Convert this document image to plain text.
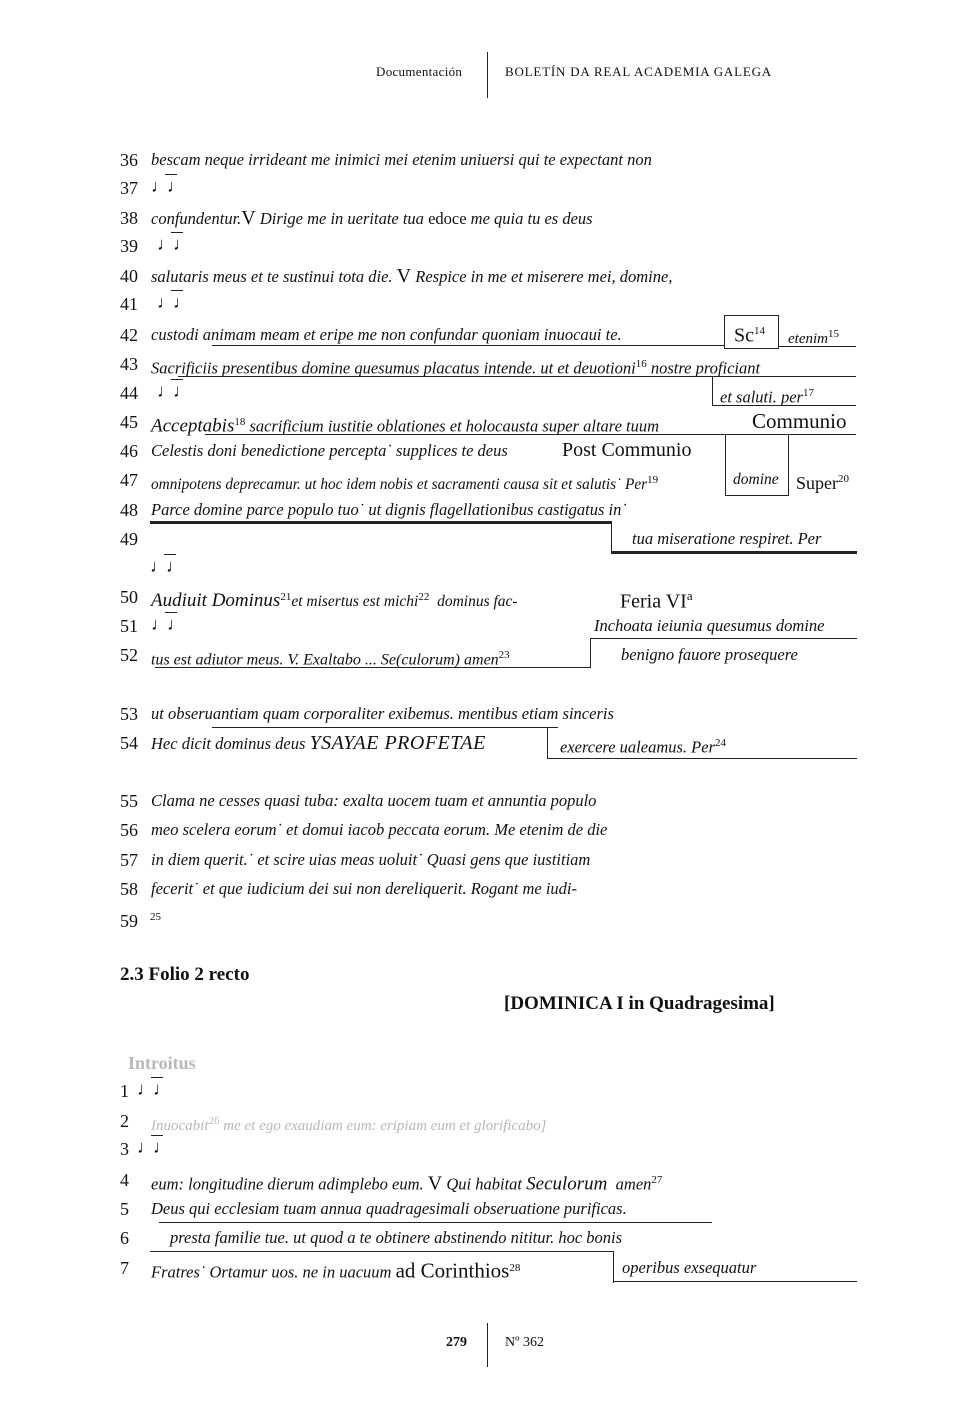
Documentación	BOLETÍN DA REAL ACADEMIA GALEGA
36 bescam neque irrideant me inimici mei etenim uniuersi qui te expectant non
37 ♩♩
38 confundentur.V Dirige me in ueritate tua edoce me quia tu es deus
39	♩♩
40 salutaris meus et te sustinui tota die. V Respice in me et miserere mei, domine,
41	♩♩
42 custodi animam meam et eripe me non confundar quoniam inuocaui te.	Sc$^{14}$ etenim$^{15}$
43 Sacrificiis presentibus domine quesumus placatus intende. ut et deuotioni$^{16}$ nostre proficiant
44	♩♩	et saluti. per$^{17}$
45 Acceptabis$^{18}$ sacrificium iustitie oblationes et holocausta super altare tuum	Communio
46 Celestis doni benedictione percepta˙ supplices te deus	Post Communio
47 omnipotens deprecamur. ut hoc idem nobis et sacramenti causa sit et salutis˙ Per$^{19}$	domine Super$^{20}$
48 Parce domine parce populo tuo˙ ut dignis flagellationibus castigatus in˙
49	tua miseratione respiret. Per
♩♩
50 Audiuit Dominus$^{21}$et misertus est michi$^{22}$ dominus fac-	Feria $VI^a$
51 ♩♩	Inchoata ieiunia quesumus domine
52 tus est adiutor meus. V. Exaltabo ... Se(culorum) amen$^{23}$	benigno fauore prosequere
53 ut obseruantiam quam corporaliter exibemus. mentibus etiam sinceris
54 Hec dicit dominus deus YSAYAE PROFETAE	exercere ualeamus. Per$^{24}$
55 Clama ne cesses quasi tuba: exalta uocem tuam et annuntia populo
56 meo scelera eorum˙ et domui iacob peccata eorum. Me etenim de die
57 in diem querit.˙ et scire uias meas uoluit˙ Quasi gens que iustitiam
58 fecerit˙ et que iudicium dei sui non dereliquerit. Rogant me iudi-
59 $^{25}$
2.3 Folio 2 recto
[DOMINICA I in Quadragesima]
Introitus
1 ♩♩
2	Inuocabit$^{26}$ me et ego exaudiam eum: eripiam eum et glorificabo]
3 ♩♩
4	eum: longitudine dierum adimplebo eum. V Qui habitat Seculorum amen$^{27}$
5	Deus qui ecclesiam tuam annua quadragesimali obseruatione purificas.
6	presta familie tue. ut quod a te obtinere abstinendo nititur. hoc bonis
7	Fratres˙ Ortamur uos. ne in uacuum ad Corinthios$^{28}$	operibus exsequatur
279	Nº 362
